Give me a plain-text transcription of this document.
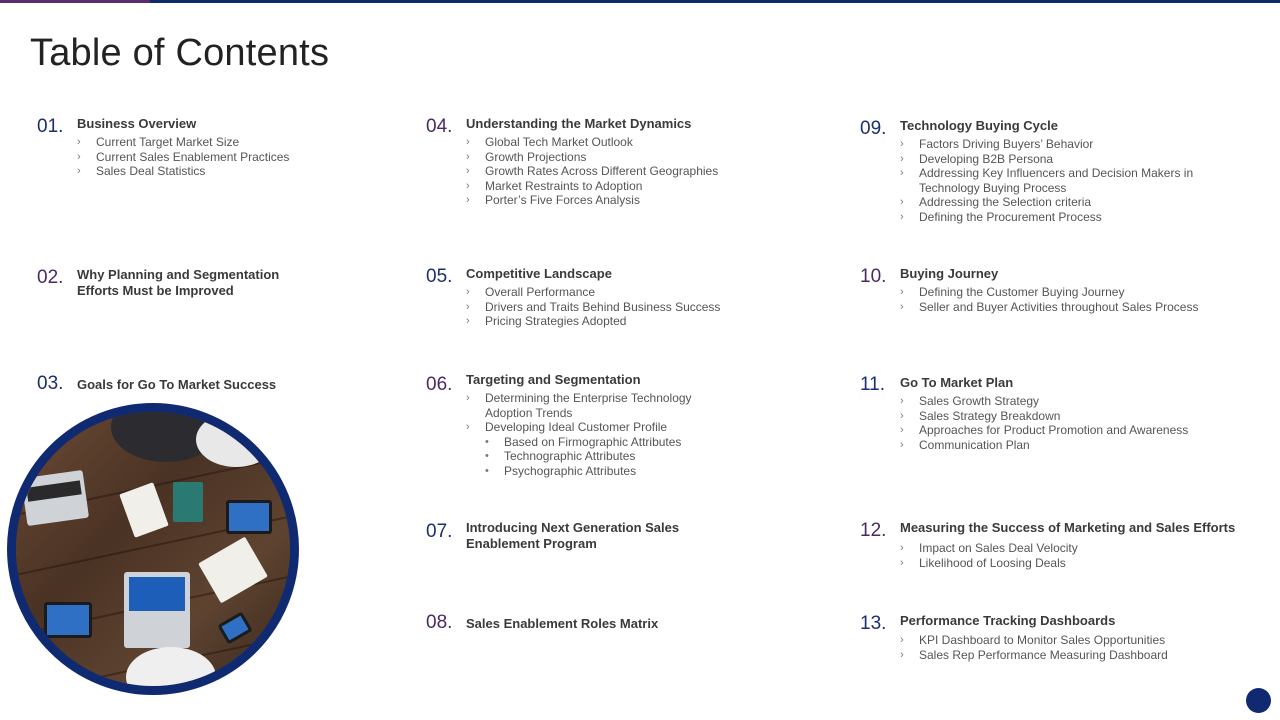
Table of Contents
01. Business Overview
› Current Target Market Size
› Current Sales Enablement Practices
› Sales Deal Statistics
02. Why Planning and Segmentation
Efforts Must be Improved
03. Goals for Go To Market Success
04. Understanding the Market Dynamics
› Global Tech Market Outlook
› Growth Projections
› Growth Rates Across Different Geographies
› Market Restraints to Adoption
› Porter’s Five Forces Analysis
05. Competitive Landscape
› Overall Performance
› Drivers and Traits Behind Business Success
› Pricing Strategies Adopted
06. Targeting and Segmentation
› Determining the Enterprise Technology
Adoption Trends
› Developing Ideal Customer Profile
• Based on Firmographic Attributes
• Technographic Attributes
• Psychographic Attributes
07. Introducing Next Generation Sales
Enablement Program
08. Sales Enablement Roles Matrix
09. Technology Buying Cycle
› Factors Driving Buyers’ Behavior
› Developing B2B Persona
› Addressing Key Influencers and Decision Makers in
Technology Buying Process
› Addressing the Selection criteria
› Defining the Procurement Process
10. Buying Journey
› Defining the Customer Buying Journey
› Seller and Buyer Activities throughout Sales Process
11. Go To Market Plan
› Sales Growth Strategy
› Sales Strategy Breakdown
› Approaches for Product Promotion and Awareness
› Communication Plan
12. Measuring the Success of Marketing and Sales Efforts
› Impact on Sales Deal Velocity
› Likelihood of Loosing Deals
13. Performance Tracking Dashboards
› KPI Dashboard to Monitor Sales Opportunities
› Sales Rep Performance Measuring Dashboard
